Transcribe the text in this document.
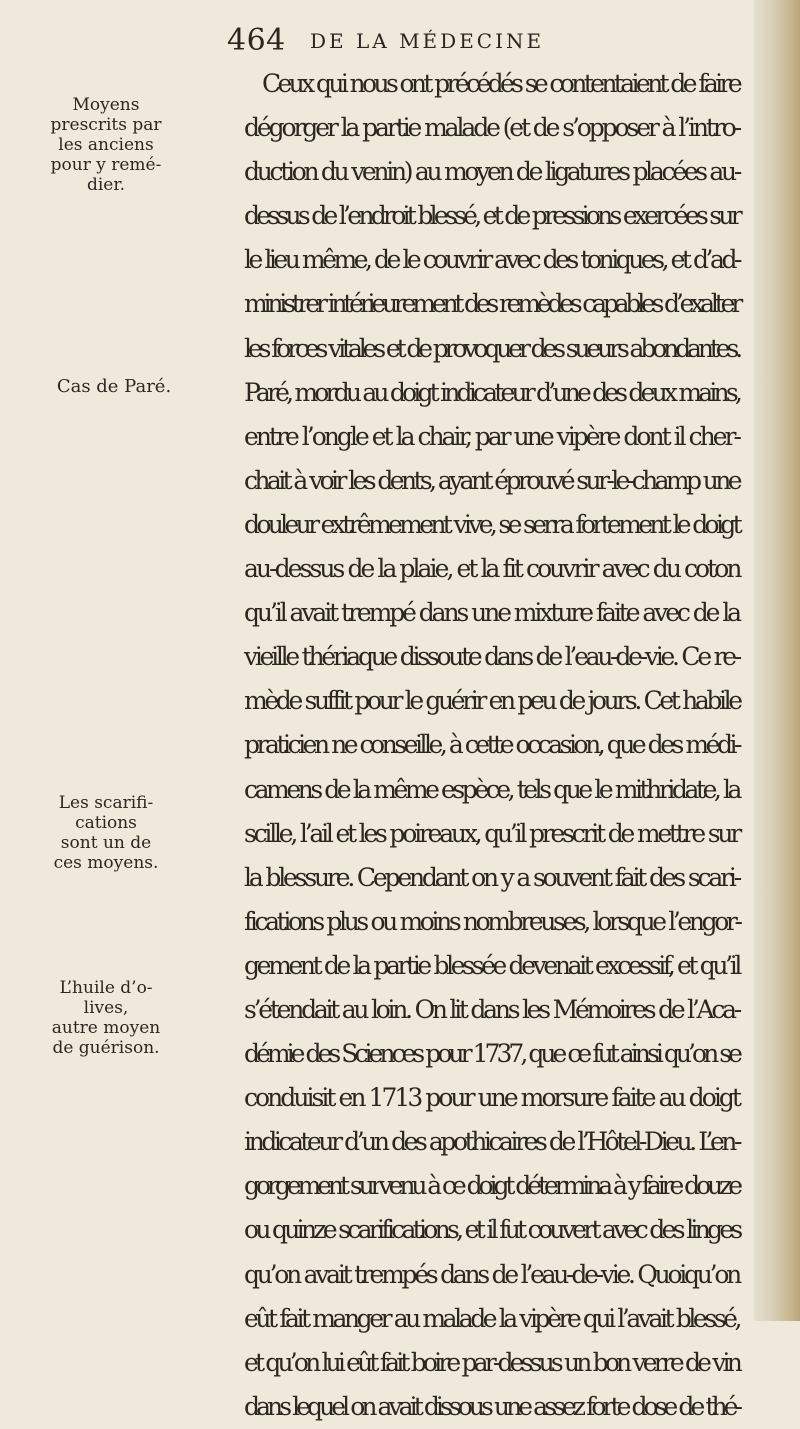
464 DE LA MÉDECINE
Moyens
prescrits par
les anciens
pour y remé-
dier.
Cas de Paré.
Les scarifi-
cations
sont un de
ces moyens.
L’huile d’o-
lives,
autre moyen
de guérison.
Ceux qui nous ont précédés se contentaient de faire
dégorger la partie malade (et de s’opposer à l’intro-
duction du venin) au moyen de ligatures placées au-
dessus de l’endroit blessé, et de pressions exercées sur
le lieu même, de le couvrir avec des toniques, et d’ad-
ministrer intérieurement des remèdes capables d’exalter
les forces vitales et de provoquer des sueurs abondantes.
Paré, mordu au doigt indicateur d’une des deux mains,
entre l’ongle et la chair, par une vipère dont il cher-
chait à voir les dents, ayant éprouvé sur-le-champ une
douleur extrêmement vive, se serra fortement le doigt
au-dessus de la plaie, et la fit couvrir avec du coton
qu’il avait trempé dans une mixture faite avec de la
vieille thériaque dissoute dans de l’eau-de-vie. Ce re-
mède suffit pour le guérir en peu de jours. Cet habile
praticien ne conseille, à cette occasion, que des médi-
camens de la même espèce, tels que le mithridate, la
scille, l’ail et les poireaux, qu’il prescrit de mettre sur
la blessure. Cependant on y a souvent fait des scari-
fications plus ou moins nombreuses, lorsque l’engor-
gement de la partie blessée devenait excessif, et qu’il
s’étendait au loin. On lit dans les Mémoires de l’Aca-
démie des Sciences pour 1737, que ce fut ainsi qu’on se
conduisit en 1713 pour une morsure faite au doigt
indicateur d’un des apothicaires de l’Hôtel-Dieu. L’en-
gorgement survenu à ce doigt détermina à y faire douze
ou quinze scarifications, et il fut couvert avec des linges
qu’on avait trempés dans de l’eau-de-vie. Quoiqu’on
eût fait manger au malade la vipère qui l’avait blessé,
et qu’on lui eût fait boire par-dessus un bon verre de vin
dans lequel on avait dissous une assez forte dose de thé-
